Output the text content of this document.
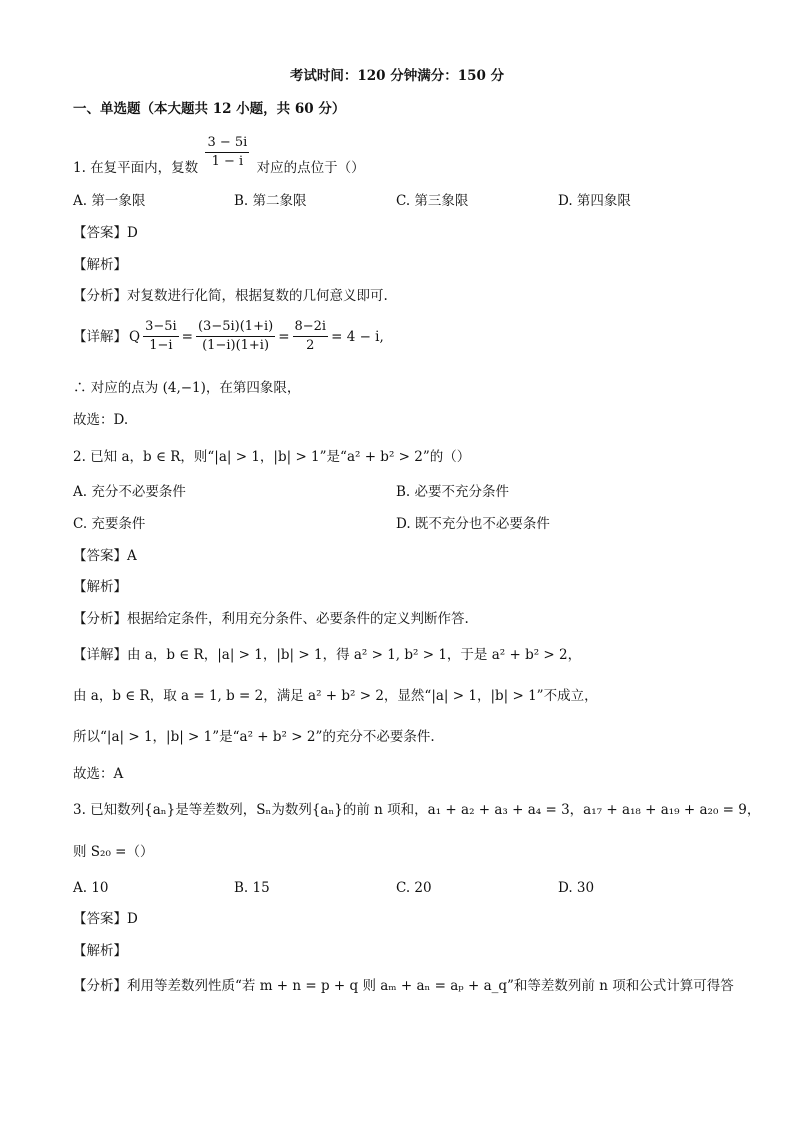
考试时间：120 分钟满分：150 分
一、单选题（本大题共 12 小题，共 60 分）
1. 在复平面内，复数 $\frac{3 - 5i}{1 - i}$ 对应的点位于（）
A. 第一象限	B. 第二象限	C. 第三象限	D. 第四象限
【答案】D
【解析】
【分析】对复数进行化简，根据复数的几何意义即可.
【详解】 Q $\frac{3-5i}{1-i} = \frac{(3-5i)(1+i)}{(1-i)(1+i)} = \frac{8-2i}{2} = 4 - i$,
∴ 对应的点为 (4,−1)，在第四象限，
故选：D.
2. 已知 a，b ∈ R，则“|a| > 1，|b| > 1”是“a² + b² > 2”的（）
A. 充分不必要条件	B. 必要不充分条件
C. 充要条件	D. 既不充分也不必要条件
【答案】A
【解析】
【分析】根据给定条件，利用充分条件、必要条件的定义判断作答.
【详解】由 a，b ∈ R，|a| > 1，|b| > 1，得 a² > 1, b² > 1，于是 a² + b² > 2，
由 a，b ∈ R，取 a = 1, b = 2，满足 a² + b² > 2，显然“|a| > 1，|b| > 1”不成立，
所以“|a| > 1，|b| > 1”是“a² + b² > 2”的充分不必要条件.
故选：A
3. 已知数列{aₙ}是等差数列，Sₙ为数列{aₙ}的前 n 项和，a₁ + a₂ + a₃ + a₄ = 3，a₁₇ + a₁₈ + a₁₉ + a₂₀ = 9，
则 S₂₀ =（）
A. 10	B. 15	C. 20	D. 30
【答案】D
【解析】
【分析】利用等差数列性质“若 m + n = p + q 则 aₘ + aₙ = aₚ + a_q”和等差数列前 n 项和公式计算可得答
